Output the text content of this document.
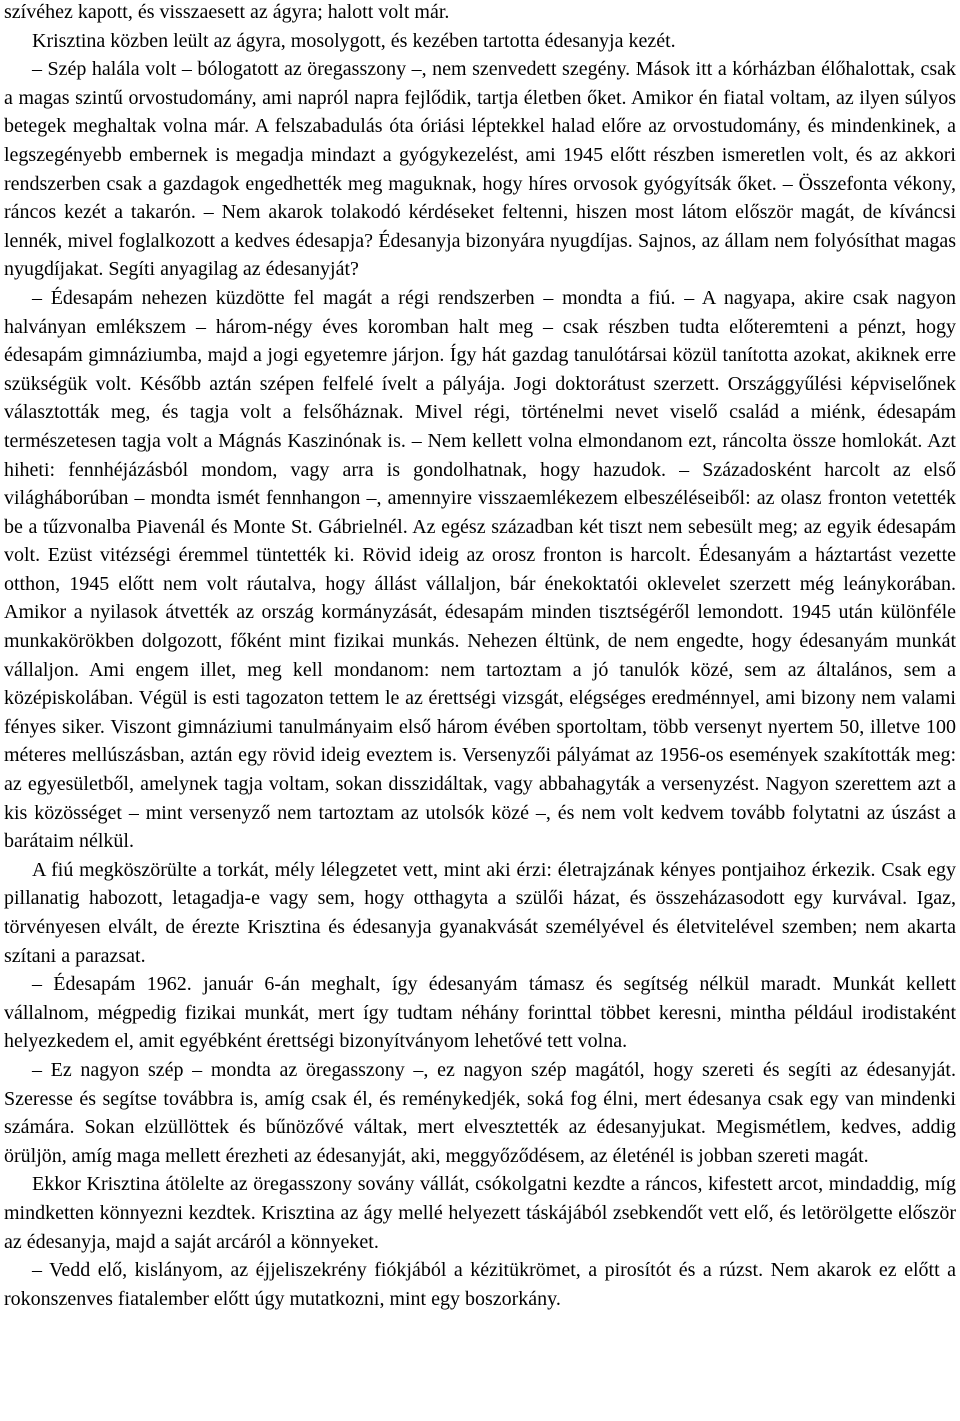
szívéhez kapott, és visszaesett az ágyra; halott volt már.

Krisztina közben leült az ágyra, mosolygott, és kezében tartotta édesanyja kezét.

– Szép halála volt – bólogatott az öregasszony –, nem szenvedett szegény. Mások itt a kórházban élőhalottak, csak a magas szintű orvostudomány, ami napról napra fejlődik, tartja életben őket. Amikor én fiatal voltam, az ilyen súlyos betegek meghaltak volna már. A felszabadulás óta óriási léptekkel halad előre az orvostudomány, és mindenkinek, a legszegényebb embernek is megadja mindazt a gyógykezelést, ami 1945 előtt részben ismeretlen volt, és az akkori rendszerben csak a gazdagok engedhették meg maguknak, hogy híres orvosok gyógyítsák őket. – Összefonta vékony, ráncos kezét a takarón. – Nem akarok tolakodó kérdéseket feltenni, hiszen most látom először magát, de kíváncsi lennék, mivel foglalkozott a kedves édesapja? Édesanyja bizonyára nyugdíjas. Sajnos, az állam nem folyósíthat magas nyugdíjakat. Segíti anyagilag az édesanyját?

– Édesapám nehezen küzdötte fel magát a régi rendszerben – mondta a fiú. – A nagyapa, akire csak nagyon halványan emlékszem – három-négy éves koromban halt meg – csak részben tudta előteremteni a pénzt, hogy édesapám gimnáziumba, majd a jogi egyetemre járjon. Így hát gazdag tanulótársai közül tanította azokat, akiknek erre szükségük volt. Később aztán szépen felfelé ívelt a pályája. Jogi doktorátust szerzett. Országgyűlési képviselőnek választották meg, és tagja volt a felsőháznak. Mivel régi, történelmi nevet viselő család a miénk, édesapám természetesen tagja volt a Mágnás Kaszinónak is. – Nem kellett volna elmondanom ezt, ráncolta össze homlokát. Azt hiheti: fennhéjázásból mondom, vagy arra is gondolhatnak, hogy hazudok. – Századosként harcolt az első világháborúban – mondta ismét fennhangon –, amennyire visszaemlékezem elbeszéléseiből: az olasz fronton vetették be a tűzvonalba Piavenál és Monte St. Gábrielnél. Az egész században két tiszt nem sebesült meg; az egyik édesapám volt. Ezüst vitézségi éremmel tüntették ki. Rövid ideig az orosz fronton is harcolt. Édesanyám a háztartást vezette otthon, 1945 előtt nem volt ráutalva, hogy állást vállaljon, bár énekoktatói oklevelet szerzett még leánykorában. Amikor a nyilasok átvették az ország kormányzását, édesapám minden tisztségéről lemondott. 1945 után különféle munkakörökben dolgozott, főként mint fizikai munkás. Nehezen éltünk, de nem engedte, hogy édesanyám munkát vállaljon. Ami engem illet, meg kell mondanom: nem tartoztam a jó tanulók közé, sem az általános, sem a középiskolában. Végül is esti tagozaton tettem le az érettségi vizsgát, elégséges eredménnyel, ami bizony nem valami fényes siker. Viszont gimnáziumi tanulmányaim első három évében sportoltam, több versenyt nyertem 50, illetve 100 méteres mellúszásban, aztán egy rövid ideig eveztem is. Versenyzői pályámat az 1956-os események szakították meg: az egyesületből, amelynek tagja voltam, sokan disszidáltak, vagy abbahagyták a versenyzést. Nagyon szerettem azt a kis közösséget – mint versenyző nem tartoztam az utolsók közé –, és nem volt kedvem tovább folytatni az úszást a barátaim nélkül.

A fiú megköszörülte a torkát, mély lélegzetet vett, mint aki érzi: életrajzának kényes pontjaihoz érkezik. Csak egy pillanatig habozott, letagadja-e vagy sem, hogy otthagyta a szülői házat, és összeházasodott egy kurvával. Igaz, törvényesen elvált, de érezte Krisztina és édesanyja gyanakvását személyével és életvitelével szemben; nem akarta szítani a parazsat.

– Édesapám 1962. január 6-án meghalt, így édesanyám támasz és segítség nélkül maradt. Munkát kellett vállalnom, mégpedig fizikai munkát, mert így tudtam néhány forinttal többet keresni, mintha például irodistaként helyezkedem el, amit egyébként érettségi bizonyítványom lehetővé tett volna.

– Ez nagyon szép – mondta az öregasszony –, ez nagyon szép magától, hogy szereti és segíti az édesanyját. Szeresse és segítse továbbra is, amíg csak él, és reménykedjék, soká fog élni, mert édesanya csak egy van mindenki számára. Sokan elzüllöttek és bűnözővé váltak, mert elvesztették az édesanyjukat. Megismétlem, kedves, addig örüljön, amíg maga mellett érezheti az édesanyját, aki, meggyőződésem, az életénél is jobban szereti magát.

Ekkor Krisztina átölelte az öregasszony sovány vállát, csókolgatni kezdte a ráncos, kifestett arcot, mindaddig, míg mindketten könnyezni kezdtek. Krisztina az ágy mellé helyezett táskájából zsebkendőt vett elő, és letörölgette először az édesanyja, majd a saját arcáról a könnyeket.

– Vedd elő, kislányom, az éjjeliszekrény fiókjából a kézitükrömet, a pirosítót és a rúzst. Nem akarok ez előtt a rokonszenves fiatalember előtt úgy mutatkozni, mint egy boszorkány.
